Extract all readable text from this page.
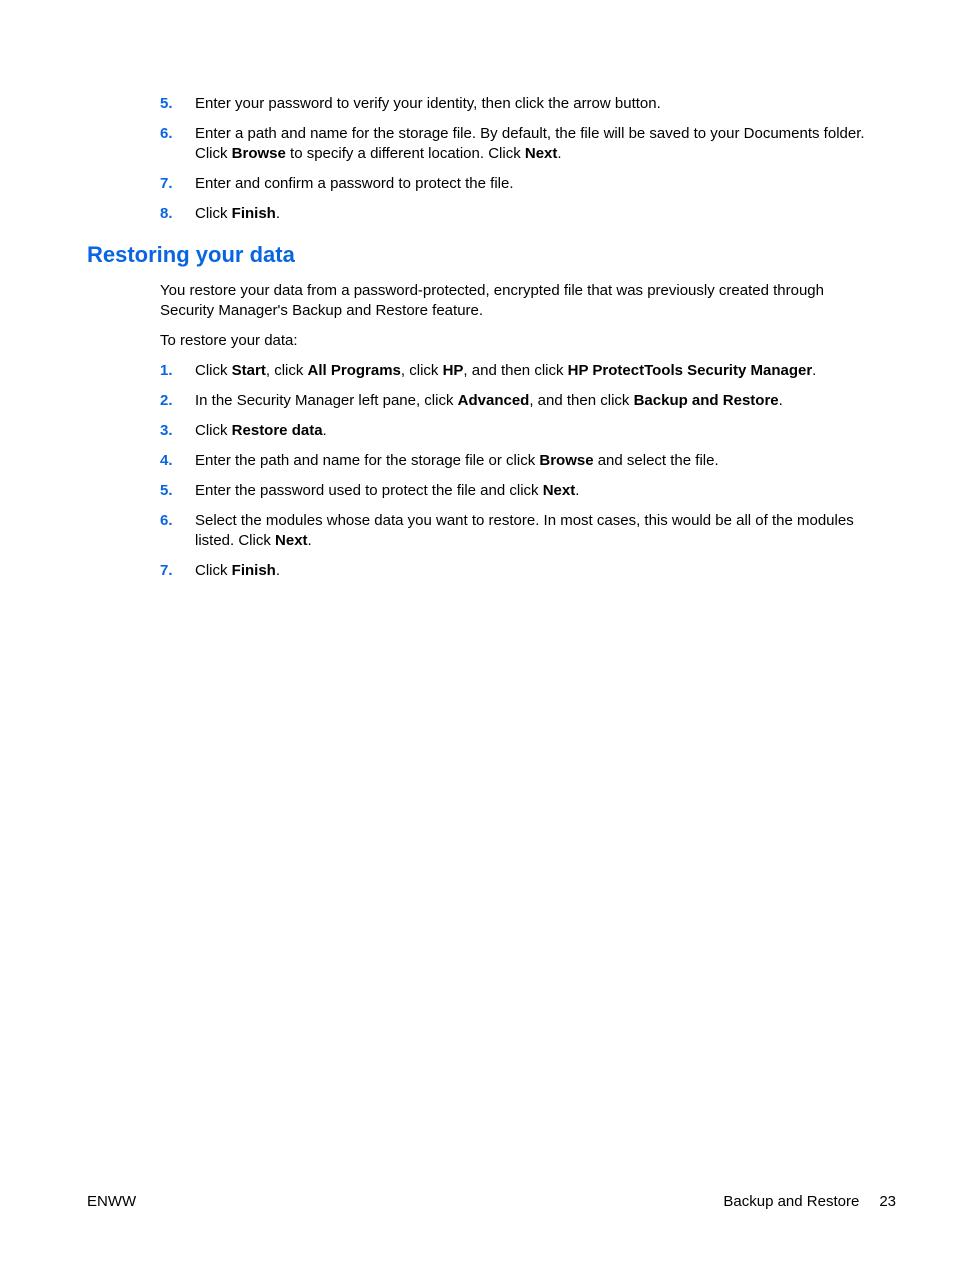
5. Enter your password to verify your identity, then click the arrow button.
6. Enter a path and name for the storage file. By default, the file will be saved to your Documents folder. Click Browse to specify a different location. Click Next.
7. Enter and confirm a password to protect the file.
8. Click Finish.
Restoring your data

You restore your data from a password-protected, encrypted file that was previously created through Security Manager's Backup and Restore feature.

To restore your data:

1. Click Start, click All Programs, click HP, and then click HP ProtectTools Security Manager.
2. In the Security Manager left pane, click Advanced, and then click Backup and Restore.
3. Click Restore data.
4. Enter the path and name for the storage file or click Browse and select the file.
5. Enter the password used to protect the file and click Next.
6. Select the modules whose data you want to restore. In most cases, this would be all of the modules listed. Click Next.
7. Click Finish.
ENWW	Backup and Restore 23
